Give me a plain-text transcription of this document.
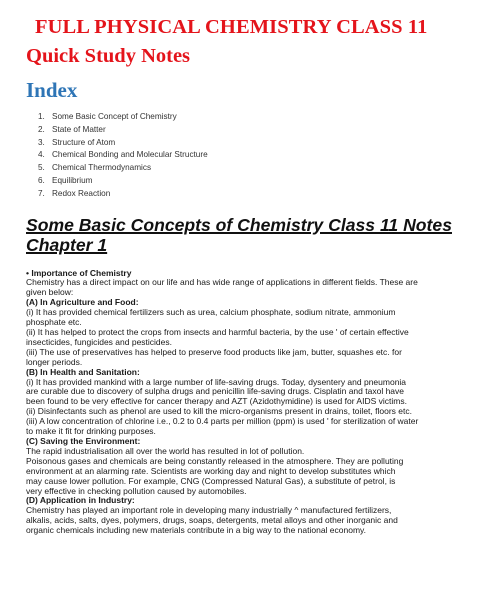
FULL PHYSICAL CHEMISTRY CLASS 11
Quick Study Notes
Index
1. Some Basic Concept of Chemistry
2. State of Matter
3. Structure of Atom
4. Chemical Bonding and Molecular Structure
5. Chemical Thermodynamics
6. Equilibrium
7. Redox Reaction
Some Basic Concepts of Chemistry Class 11 Notes
Chapter 1

• Importance of Chemistry

Chemistry has a direct impact on our life and has wide range of applications in different fields. These are

given below:

(A) In Agriculture and Food:

(i) It has provided chemical fertilizers such as urea, calcium phosphate, sodium nitrate, ammonium

phosphate etc.

(ii) It has helped to protect the crops from insects and harmful bacteria, by the use ' of certain effective

insecticides, fungicides and pesticides.

(iii) The use of preservatives has helped to preserve food products like jam, butter, squashes etc. for

longer periods.

(B) In Health and Sanitation:

(i) It has provided mankind with a large number of life-saving drugs. Today, dysentery and pneumonia

are curable due to discovery of sulpha drugs and penicillin life-saving drugs. Cisplatin and taxol have

been found to be very effective for cancer therapy and AZT (Azidothymidine) is used for AIDS victims.

(ii) Disinfectants such as phenol are used to kill the micro-organisms present in drains, toilet, floors etc.

(iii) A low concentration of chlorine i.e., 0.2 to 0.4 parts per million (ppm) is used ' for sterilization of water

to make it fit for drinking purposes.

(C) Saving the Environment:

The rapid industrialisation all over the world has resulted in lot of pollution.

Poisonous gases and chemicals are being constantly released in the atmosphere. They are polluting

environment at an alarming rate. Scientists are working day and night to develop substitutes which

may cause lower pollution. For example, CNG (Compressed Natural Gas), a substitute of petrol, is

very effective in checking pollution caused by automobiles.

(D) Application in Industry:

Chemistry has played an important role in developing many industrially ^ manufactured fertilizers,

alkalis, acids, salts, dyes, polymers, drugs, soaps, detergents, metal alloys and other inorganic and

organic chemicals including new materials contribute in a big way to the national economy.
